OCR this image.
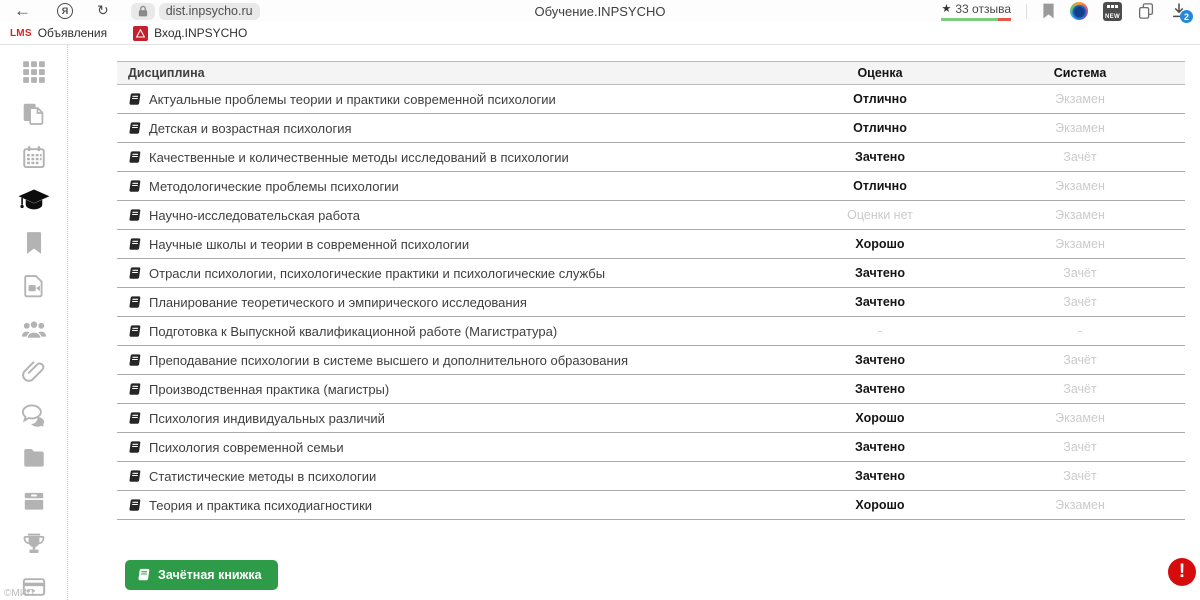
←	Я	↻	dist.inpsycho.ru	Обучение.INPSYCHO	★ 33 отзыва
NEW	2
LMS Объявления	Вход.INPSYCHO
©МИП
Дисциплина	Оценка	Система
Актуальные проблемы теории и практики современной психологии	Отлично	Экзамен
Детская и возрастная психология	Отлично	Экзамен
Качественные и количественные методы исследований в психологии	Зачтено	Зачёт
Методологические проблемы психологии	Отлично	Экзамен
Научно-исследовательская работа	Оценки нет	Экзамен
Научные школы и теории в современной психологии	Хорошо	Экзамен
Отрасли психологии, психологические практики и психологические службы	Зачтено	Зачёт
Планирование теоретического и эмпирического исследования	Зачтено	Зачёт
Подготовка к Выпускной квалификационной работе (Магистратура)	-	-
Преподавание психологии в системе высшего и дополнительного образования	Зачтено	Зачёт
Производственная практика (магистры)	Зачтено	Зачёт
Психология индивидуальных различий	Хорошо	Экзамен
Психология современной семьи	Зачтено	Зачёт
Статистические методы в психологии	Зачтено	Зачёт
Теория и практика психодиагностики	Хорошо	Экзамен
Зачётная книжка	!
